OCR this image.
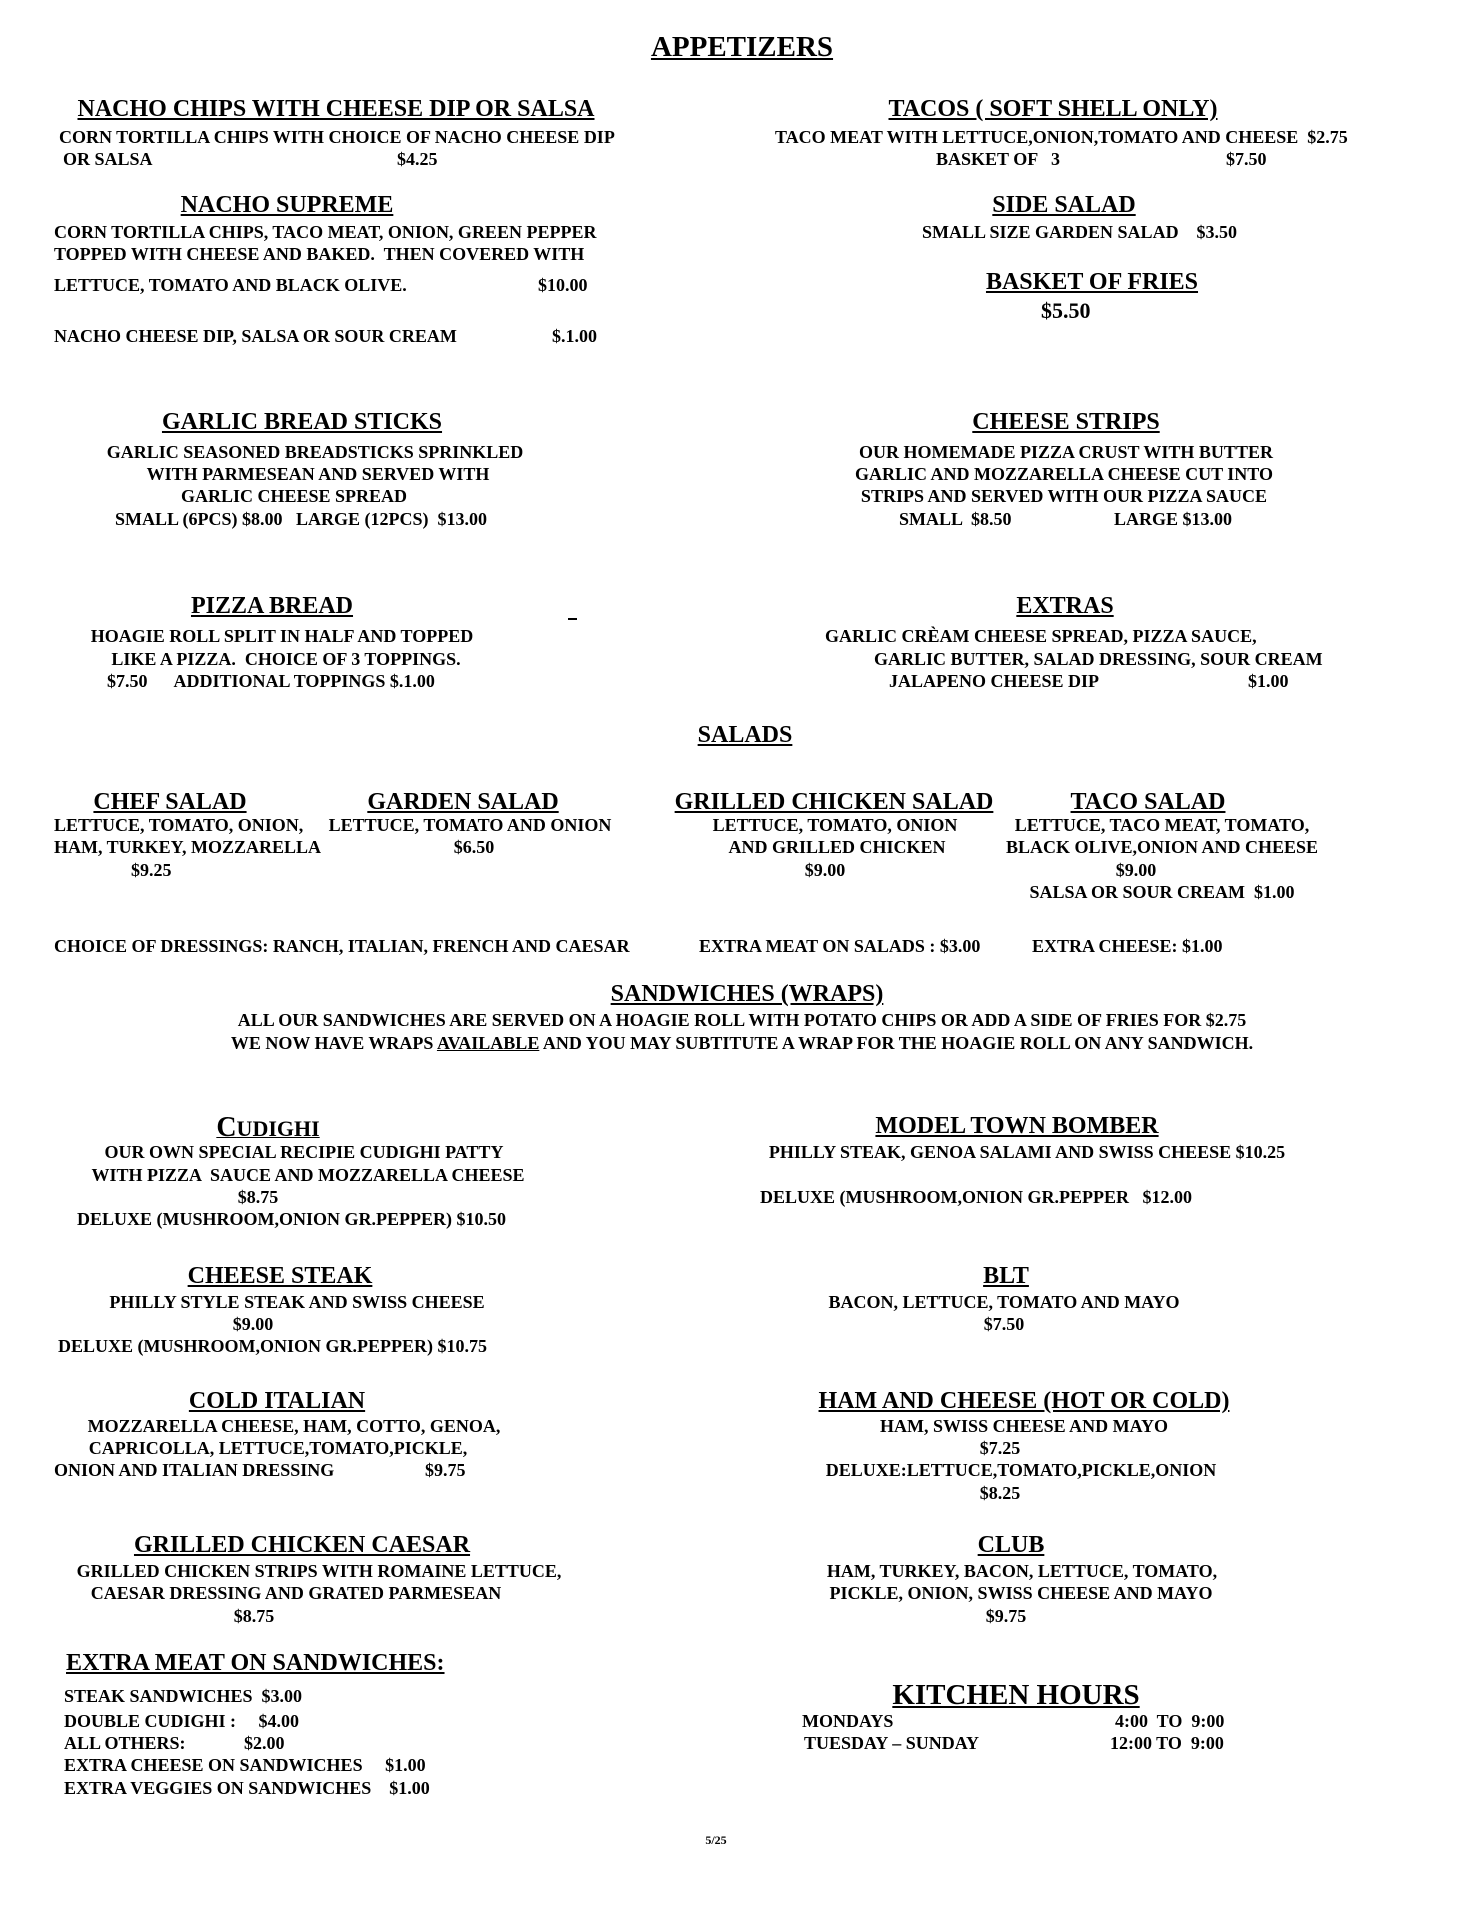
APPETIZERS
NACHO CHIPS WITH CHEESE DIP OR SALSA
CORN TORTILLA CHIPS WITH CHOICE OF NACHO CHEESE DIP
OR SALSA	$4.25
TACOS ( SOFT SHELL ONLY)
TACO MEAT WITH LETTUCE,ONION,TOMATO AND CHEESE  $2.75
BASKET OF   3	$7.50
NACHO SUPREME
CORN TORTILLA CHIPS, TACO MEAT, ONION, GREEN PEPPER
TOPPED WITH CHEESE AND BAKED.  THEN COVERED WITH
LETTUCE, TOMATO AND BLACK OLIVE.	$10.00
NACHO CHEESE DIP, SALSA OR SOUR CREAM	$.1.00
SIDE SALAD
SMALL SIZE GARDEN SALAD    $3.50
BASKET OF FRIES
$5.50
GARLIC BREAD STICKS
GARLIC SEASONED BREADSTICKS SPRINKLED
WITH PARMESEAN AND SERVED WITH
GARLIC CHEESE SPREAD
SMALL (6PCS) $8.00   LARGE (12PCS)  $13.00
CHEESE STRIPS
OUR HOMEMADE PIZZA CRUST WITH BUTTER
GARLIC AND MOZZARELLA CHEESE CUT INTO
STRIPS AND SERVED WITH OUR PIZZA SAUCE
SMALL  $8.50	LARGE $13.00
PIZZA BREAD
HOAGIE ROLL SPLIT IN HALF AND TOPPED
LIKE A PIZZA.  CHOICE OF 3 TOPPINGS.
$7.50      ADDITIONAL TOPPINGS $.1.00
EXTRAS
GARLIC CRÈAM CHEESE SPREAD, PIZZA SAUCE,
GARLIC BUTTER, SALAD DRESSING, SOUR CREAM
JALAPENO CHEESE DIP	$1.00
SALADS
CHEF SALAD
LETTUCE, TOMATO, ONION,
HAM, TURKEY, MOZZARELLA
$9.25
GARDEN SALAD
LETTUCE, TOMATO AND ONION
$6.50
GRILLED CHICKEN SALAD
LETTUCE, TOMATO, ONION
AND GRILLED CHICKEN
$9.00
TACO SALAD
LETTUCE, TACO MEAT, TOMATO,
BLACK OLIVE,ONION AND CHEESE
$9.00
SALSA OR SOUR CREAM  $1.00
CHOICE OF DRESSINGS: RANCH, ITALIAN, FRENCH AND CAESAR	EXTRA MEAT ON SALADS : $3.00	EXTRA CHEESE: $1.00
SANDWICHES (WRAPS)
ALL OUR SANDWICHES ARE SERVED ON A HOAGIE ROLL WITH POTATO CHIPS OR ADD A SIDE OF FRIES FOR $2.75
WE NOW HAVE WRAPS AVAILABLE AND YOU MAY SUBTITUTE A WRAP FOR THE HOAGIE ROLL ON ANY SANDWICH.
CUDIGHI
OUR OWN SPECIAL RECIPIE CUDIGHI PATTY
WITH PIZZA  SAUCE AND MOZZARELLA CHEESE
$8.75
DELUXE (MUSHROOM,ONION GR.PEPPER) $10.50
MODEL TOWN BOMBER
PHILLY STEAK, GENOA SALAMI AND SWISS CHEESE $10.25
DELUXE (MUSHROOM,ONION GR.PEPPER   $12.00
CHEESE STEAK
PHILLY STYLE STEAK AND SWISS CHEESE
$9.00
DELUXE (MUSHROOM,ONION GR.PEPPER) $10.75
BLT
BACON, LETTUCE, TOMATO AND MAYO
$7.50
COLD ITALIAN
MOZZARELLA CHEESE, HAM, COTTO, GENOA,
CAPRICOLLA, LETTUCE,TOMATO,PICKLE,
ONION AND ITALIAN DRESSING	$9.75
HAM AND CHEESE (HOT OR COLD)
HAM, SWISS CHEESE AND MAYO
$7.25
DELUXE:LETTUCE,TOMATO,PICKLE,ONION
$8.25
GRILLED CHICKEN CAESAR
GRILLED CHICKEN STRIPS WITH ROMAINE LETTUCE,
CAESAR DRESSING AND GRATED PARMESEAN
$8.75
CLUB
HAM, TURKEY, BACON, LETTUCE, TOMATO,
PICKLE, ONION, SWISS CHEESE AND MAYO
$9.75
EXTRA MEAT ON SANDWICHES:
STEAK SANDWICHES  $3.00
DOUBLE CUDIGHI :     $4.00
ALL OTHERS:             $2.00
EXTRA CHEESE ON SANDWICHES     $1.00
EXTRA VEGGIES ON SANDWICHES    $1.00
KITCHEN HOURS
MONDAYS	4:00  TO  9:00
TUESDAY – SUNDAY	12:00 TO  9:00
5/25
